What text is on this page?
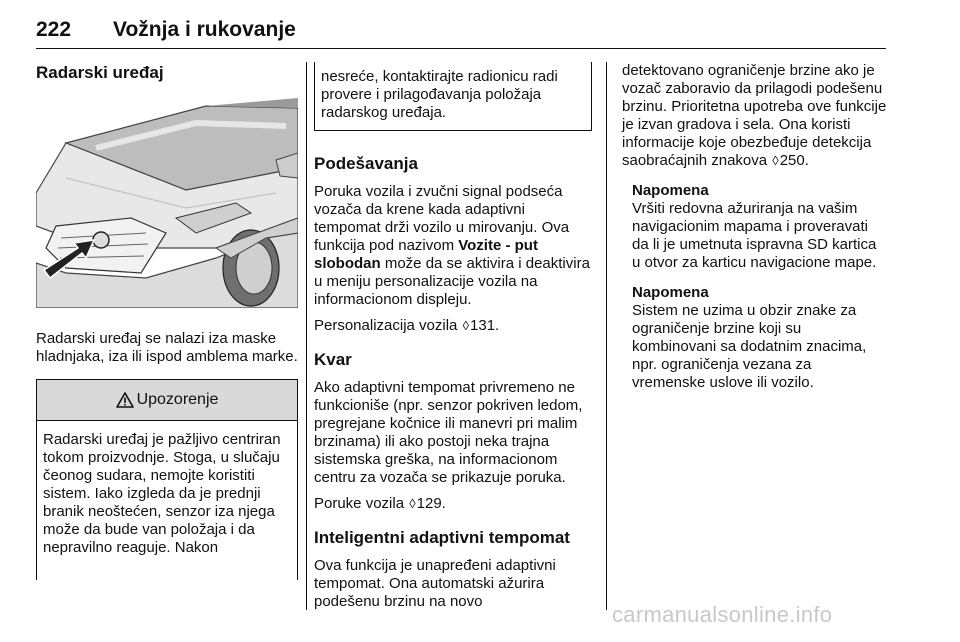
222 Vožnja i rukovanje
Radarski uređaj

Radarski uređaj se nalazi iza maske hladnjaka, iza ili ispod amblema marke.

Upozorenje

Radarski uređaj je pažljivo centriran tokom proizvodnje. Stoga, u slučaju čeonog sudara, nemojte koristiti sistem. Iako izgleda da je prednji branik neoštećen, senzor iza njega može da bude van položaja i da nepravilno reaguje. Nakon

nesreće, kontaktirajte radionicu radi provere i prilagođavanja položaja radarskog uređaja.

Podešavanja

Poruka vozila i zvučni signal podseća vozača da krene kada adaptivni tempomat drži vozilo u mirovanju. Ova funkcija pod nazivom Vozite - put slobodan može da se aktivira i deaktivira u meniju personalizacije vozila na informacionom displeju.

Personalizacija vozila ◊131.

Kvar

Ako adaptivni tempomat privremeno ne funkcioniše (npr. senzor pokriven ledom, pregrejane kočnice ili manevri pri malim brzinama) ili ako postoji neka trajna sistemska greška, na informacionom centru za vozača se prikazuje poruka.

Poruke vozila ◊129.

Inteligentni adaptivni tempomat

Ova funkcija je unapređeni adaptivni tempomat. Ona automatski ažurira podešenu brzinu na novo

detektovano ograničenje brzine ako je vozač zaboravio da prilagodi podešenu brzinu. Prioritetna upotreba ove funkcije je izvan gradova i sela. Ona koristi informacije koje obezbeđuje detekcija saobraćajnih znakova ◊250.

Napomena

Vršiti redovna ažuriranja na vašim navigacionim mapama i proveravati da li je umetnuta ispravna SD kartica u otvor za karticu navigacione mape.

Napomena

Sistem ne uzima u obzir znake za ograničenje brzine koji su kombinovani sa dodatnim znacima, npr. ograničenja vezana za vremenske uslove ili vozilo.

carmanualsonline.info
